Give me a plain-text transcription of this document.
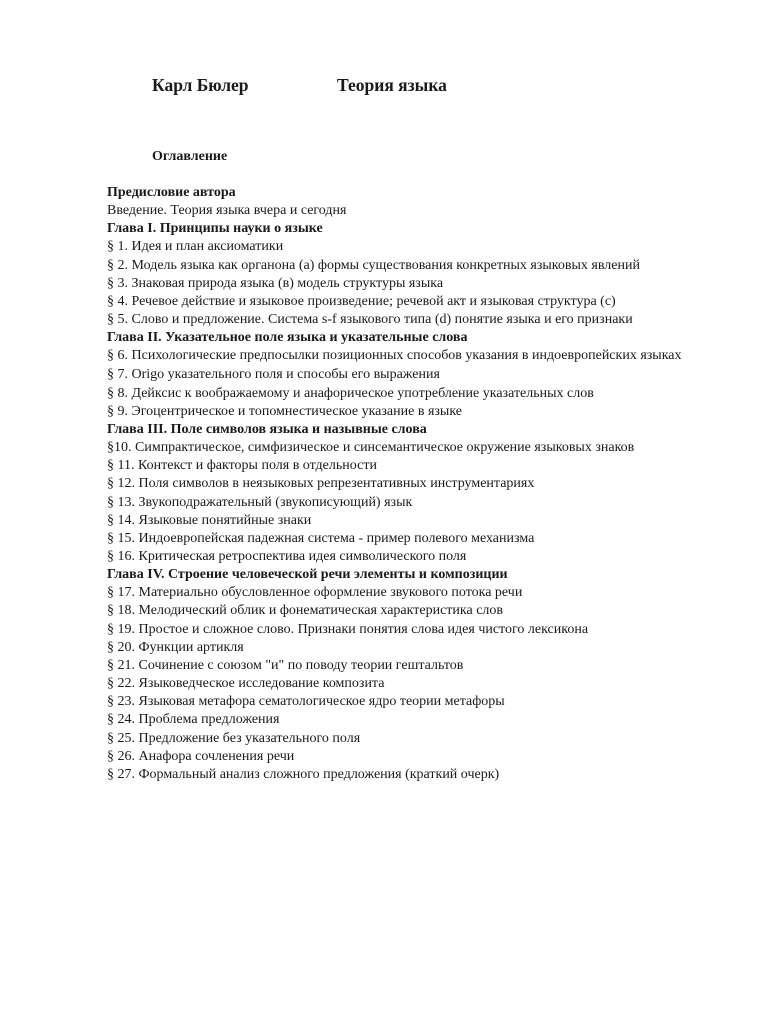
Карл Бюлер	Теория языка
Оглавление
Предисловие автора
Введение. Теория языка вчера и сегодня
Глава I. Принципы науки о языке
§ 1. Идея и план аксиоматики
§ 2. Модель языка как органона (а) формы существования конкретных языковых явлений
§ 3. Знаковая природа языка (в) модель структуры языка
§ 4. Речевое действие и языковое произведение; речевой акт и языковая структура (с)
§ 5. Слово и предложение. Система s-f языкового типа (d) понятие языка и его признаки
Глава II. Указательное поле языка и указательные слова
§ 6. Психологические предпосылки позиционных способов указания в индоевропейских языках
§ 7. Origo указательного поля и способы его выражения
§ 8. Дейксис к воображаемому и анафорическое употребление указательных слов
§ 9. Эгоцентрическое и топомнестическое указание в языке
Глава III. Поле символов языка и назывные слова
§10. Симпрактическое, симфизическое и синсемантическое окружение языковых знаков
§ 11. Контекст и факторы поля в отдельности
§ 12. Поля символов в неязыковых репрезентативных инструментариях
§ 13. Звукоподражательный (звукописующий) язык
§ 14. Языковые понятийные знаки
§ 15. Индоевропейская падежная система - пример полевого механизма
§ 16. Критическая ретроспектива идея символического поля
Глава IV. Строение человеческой речи элементы и композиции
§ 17. Материально обусловленное оформление звукового потока речи
§ 18. Мелодический облик и фонематическая характеристика слов
§ 19. Простое и сложное слово. Признаки понятия слова идея чистого лексикона
§ 20. Функции артикля
§ 21. Сочинение с союзом "и" по поводу теории гештальтов
§ 22. Языковедческое исследование композита
§ 23. Языковая метафора сематологическое ядро теории метафоры
§ 24. Проблема предложения
§ 25. Предложение без указательного поля
§ 26. Анафора сочленения речи
§ 27. Формальный анализ сложного предложения (краткий очерк)
